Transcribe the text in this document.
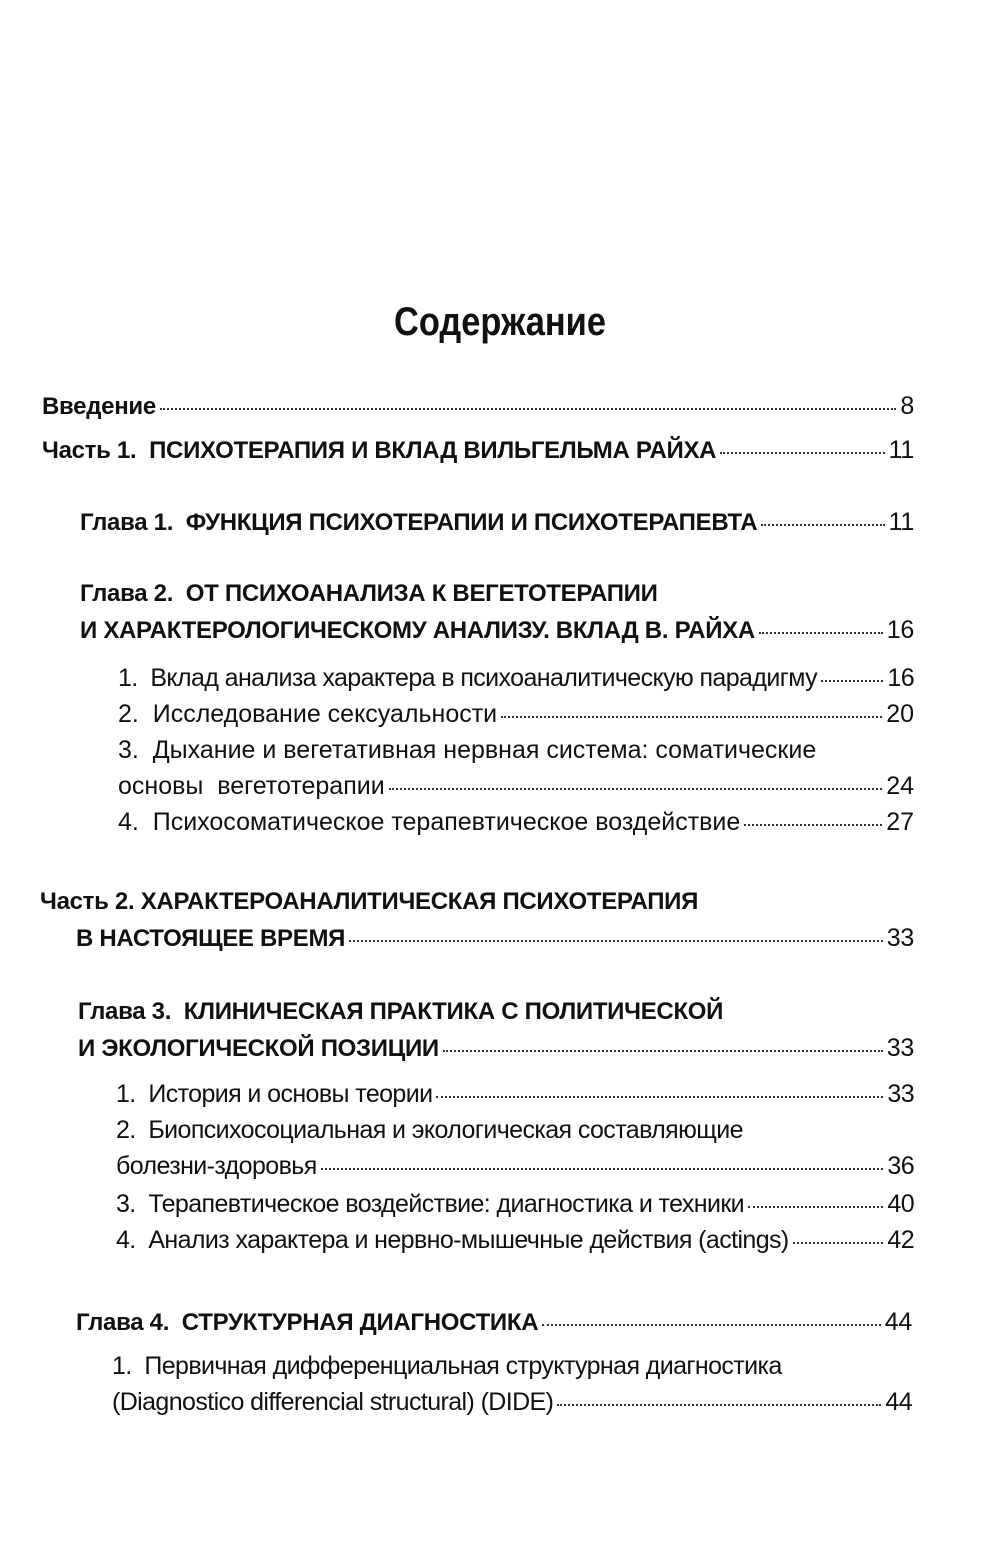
Содержание
Введение	8
Часть 1.  ПСИХОТЕРАПИЯ И ВКЛАД ВИЛЬГЕЛЬМА РАЙХА	11
Глава 1.  ФУНКЦИЯ ПСИХОТЕРАПИИ И ПСИХОТЕРАПЕВТА	11
Глава 2.  ОТ ПСИХОАНАЛИЗА К ВЕГЕТОТЕРАПИИ
И ХАРАКТЕРОЛОГИЧЕСКОМУ АНАЛИЗУ. ВКЛАД В. РАЙХА	16
1.  Вклад анализа характера в психоаналитическую парадигму	16
2.  Исследование сексуальности	20
3.  Дыхание и вегетативная нервная система: соматические
основы  вегетотерапии	24
4.  Психосоматическое терапевтическое воздействие	27
Часть 2. ХАРАКТЕРОАНАЛИТИЧЕСКАЯ ПСИХОТЕРАПИЯ
В НАСТОЯЩЕЕ ВРЕМЯ	33
Глава 3.  КЛИНИЧЕСКАЯ ПРАКТИКА С ПОЛИТИЧЕСКОЙ
И ЭКОЛОГИЧЕСКОЙ ПОЗИЦИИ	33
1.  История и основы теории	33
2.  Биопсихосоциальная и экологическая составляющие
болезни-здоровья	36
3.  Терапевтическое воздействие: диагностика и техники	40
4.  Анализ характера и нервно-мышечные действия (actings)	42
Глава 4.  СТРУКТУРНАЯ ДИАГНОСТИКА	44
1.  Первичная дифференциальная структурная диагностика
(Diagnostico differencial structural) (DIDE)	44
